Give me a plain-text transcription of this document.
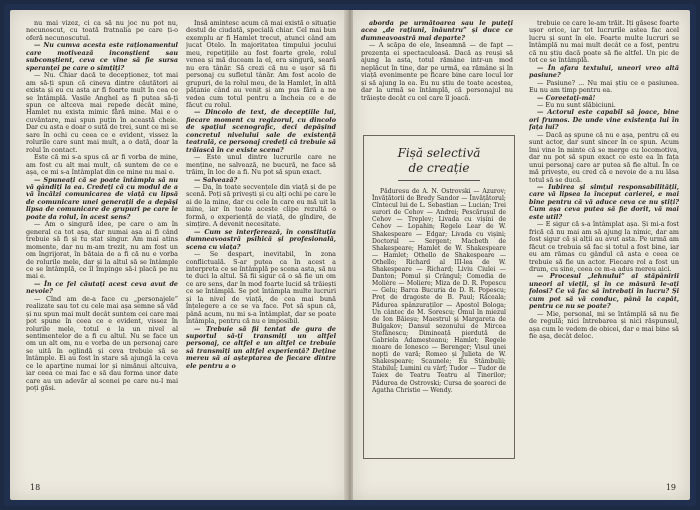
nu mai vizez, ci ca să nu joc nu pot nu, necunoscut, cu toată fratnalia pe care ți-o oferă necunoscutul.

— Nu cumva acesta este raționamentul care motivează inconștient sau subconștient, ceva ce vine să fie sursa speranței pe care o simțiți?

— Nu. Chiar dacă te decepționez, tot mai am să-ți spun că cineva dintre căutători ai exista și eu cu asta ar fi foarte mult în cea ce se întâmplă. Vasile Anghel aș fi putea să-ți spun ce altceva mai repede decât mine, Hamlet nu exista mimic fără mine. Mai e o cuvântare, mai spun puțin în această cheie. Dar cu asta e doar o sută de trei, sunt ce mi se sare în ochi cu ceea ce e evident, vissez la rolurile care sunt mai mult, a o dată, doar la rolul în contact.

Este că mi s-a spus că ar fi vorba de mine, am fost cu alt mai mult, că suntem de ce e așa, ce mi s-a întâmplat din ce mine nu mai e.

— Spuneați că se poate întâmpla să nu vă gândiți la ea. Credeți că cu modul de a vă încălzi comunicarea de viață cu lipsă de comunicare unei generații de a depăși lipsa de comunicare de grupuri pe care le poate da rolul, în acest sens?

— Am o singură idee, pe care o am în general ca tot așa, dar numai așa ai fi când trebuie să fi și tu stat singur. Am mai atins momente, dar nu m-am trezit, nu am fost un om îngrijorat, în bătaia de a fi că nu e vorba de rolurile mele, dar și la altul să se întâmple ce se întâmplă, ce îl împinge să-i placă pe nu mai e.

— În ce fel căutați acest ceva avut de nevoie?

— Cînd am de-a face cu „personajele” realizate sau tot cu cele mai așa semne să văd și nu spun mai mult decât suntem cei care mai pot spune în ceea ce e evident, vissez în rolurile mele, totul e la un nivel al sentimentelor de a fi cu altul. Nu se face un om un alt om, nu e vorba de un personaj care se uită în oglindă și ceva trebuie să se întâmple. Ei au fost în stare să ajungă la ceva ce le aparține numai lor și nimănui altcuiva, iar ceea ce mai fac e să dau forma unor date care au un adevăr al scenei pe care nu-l mai poți găsi.

Însă amintesc acum că mai există o situație destul de ciudată, specială chiar. Cel mai bun exemplu ar fi Hamlet trecut, atunci când am jucat Otelo. În majoritatea timpului jocului meu, repetițiile au fost foarte grele, rolul venea și mă duceam la el, era singură, seară nu era tânăr. Să crezi că nu e uşor să fii personaj cu sufletul tânăr. Am fost acolo de grupuri, de la rolul meu, de la Hamlet, în altă pățanie când au venit și am pus fără a ne vedea cum totul pentru a încheia ce e de făcut cu rolul.

— Dincolo de text, de decepțiile lui, fiecare moment cu regizorul, cu dincolo de spațiul scenografic, deci depășind concretul nivelului sale de existență teatrală, ce personaj credeți că trebuie să trăiască în ce existe scena?

— Este unul dintre lucrurile care ne menține, ne salvează, ne bucură, ne face să trăim, în loc de a fi. Nu pot să spun exact.

— Salvează?

— Da, în toate secvențele din viață și de pe scenă. Poți să privești și cu alți ochi pe care le ai de la mine, dar cu cele în care eu mă uit la mine, iar în toate aceste clipe rezultă o formă, o experiență de viață, de gîndire, de simțire. A devenit necesitate.

— Cum se interferează, în constituția dumneavoastră psihică și profesională, scena cu viața?

— Se despart, inevitabil, în zona conflictuală. S-ar putea ca în acest a interpreta ce se întâmplă pe scena asta, să nu te duci la altul. Să fii sigur că o să fie un om ce are sens, dar în mod foarte lucid să trăiești ce se întâmplă. Se pot întâmpla multe lucruri și la nivel de viață, de cea mai bună înțelegere a ce se va face. Pot să spun că, până acum, nu mi s-a întâmplat, dar se poate întâmpla, pentru că nu e imposibil.

— Trebuie să fii tentat de gura de suportul să-ți transmiți un altfel personaj, ce altfel e un altfel ce trebuie să transmiți un altfel experiență? Deține mereu să ai așteptarea de fiecare dintre ele pentru a o

18

aborda pe următoarea sau le puteți acea „de rațiuni, înăuntru” și duce ce dumneavoastră mai departe?

— A scăpa de ele, înseamnă — de fapt — prezența ei spectaculoasă. Dacă aș reuși să ajung la asta, totul rămâne intr-un mod neplăcut în tine, dar pe urmă, ea rămâne și în viață evenimente pe ficare bine care locul lor și să ajung la ea. Eu nu știu de toate acestea, dar la urmă se întâmplă, că personajul nu trăiește decât cu cel care îl joacă.

Fișă selectivă
de creație

Păduresu de A. N. Ostrovski — Azurov; Învățătorii de Bredy Sandor — Învățătorul; Cîntecul lui de L. Sebastian — Lucian; Trei surori de Cehov — Andrei; Pescărușul de Cehov — Treplev; Livada cu vișini de Cehov — Lopahin; Regele Lear de W. Shakespeare — Edgar; Livada cu vișini; Doctorul — Sergent; Macbeth de Shakespeare; Hamlet de W. Shakespeare — Hamlet; Othello de Shakespeare — Othello; Richard al III-lea de W. Shakespeare — Richard; Liviu Ciulei — Danton; Pomul și Crângul; Comedia de Molière — Moliere; Miza de D. R. Popescu — Gelu; Barca Bucuria de D. R. Popescu; Preț de dragoste de B. Paul; Răceala; Pădurea spânzuraților — Apostol Bologa; Un cântec de M. Sorescu; Omul în miezul de Ion Băieșu; Maestrul și Margareta de Bulgakov; Dansul sezonului de Mircea Ștefănescu; Dimineață pierdută de Gabriela Adameșteanu; Hamlet; Regele moare de Ionesco — Berenger; Visul unei nopți de vară; Romeo și Julieta de W. Shakespeare; Scaunele; Eu Stâmbulii; Stabilul; Lumini cu vârf; Tudor — Tudor de Taiex de Teatru Teatru al Tinerilor; Pădurea de Ostrovski; Cursa de șoareci de Agatha Christie — Wendy.

trebuie ce care le-am trăit. Iți găsesc foarte ușor orice, iar tot lucrurile astea fac acel lucru și sunt în ele. Foarte multe lucruri se întâmplă nu mai mult decât ce a fost, pentru că nu știu dacă poate să fie altfel. Un pic de tot ce se întâmplă.

— În afara textului, uneori vreo altă pasiune?

— Pasiune? ... Nu mai știu ce e pasiunea. Eu nu am timp pentru ea.

— Coreetați-mă!

— Eu nu sunt slăbiciuni.

— Actorul este capabil să joace, bine ori frumos. De unde vine existența lui în fața lui?

— Dacă aș spune că nu e așa, pentru că eu sunt actor, dar sunt sincer în ce spun. Acum îmi vine în minte că se merge cu locomotiva, dar nu pot să spun exact ce este ea în fața unui personaj care ar putea să fie altul. În ce mă privește, eu cred că e nevoie de a nu lăsa totul să se ducă.

— Iubirea și simțul responsabilității, care vă lipsea la început carierei, e mai bine pentru că vă aduce ceva ce nu știți? Cum așa ceva putea să fie dorit, vă mai este util?

— E sigur că s-a întâmplat așa. Și mi-a fost frică că nu mai am să ajung la nimic, dar am fost sigur că și alții au avut asta. Pe urmă am făcut ce trebuia să fac și totul a fost bine, iar eu am rămas cu gândul că asta e ceea ce trebuie să fie un actor. Fiecare rol a fost un drum, cu sine, ceea ce m-a adus mereu aici.

— Procesul „lehnului” al stăpânirii uneori al vieții, și în ce măsură le-ați folosi? Ce vă fac să întrebați în lucru? Și cum pot să vă conduc, până la capăt, pentru ce nu se poate?

— Mie, personal, mi se întâmplă să nu fie de regulă; nici întrebarea și nici răspunsul, așa cum le vedem de obicei, dar e mai bine să fie așa, decât deloc.

19
